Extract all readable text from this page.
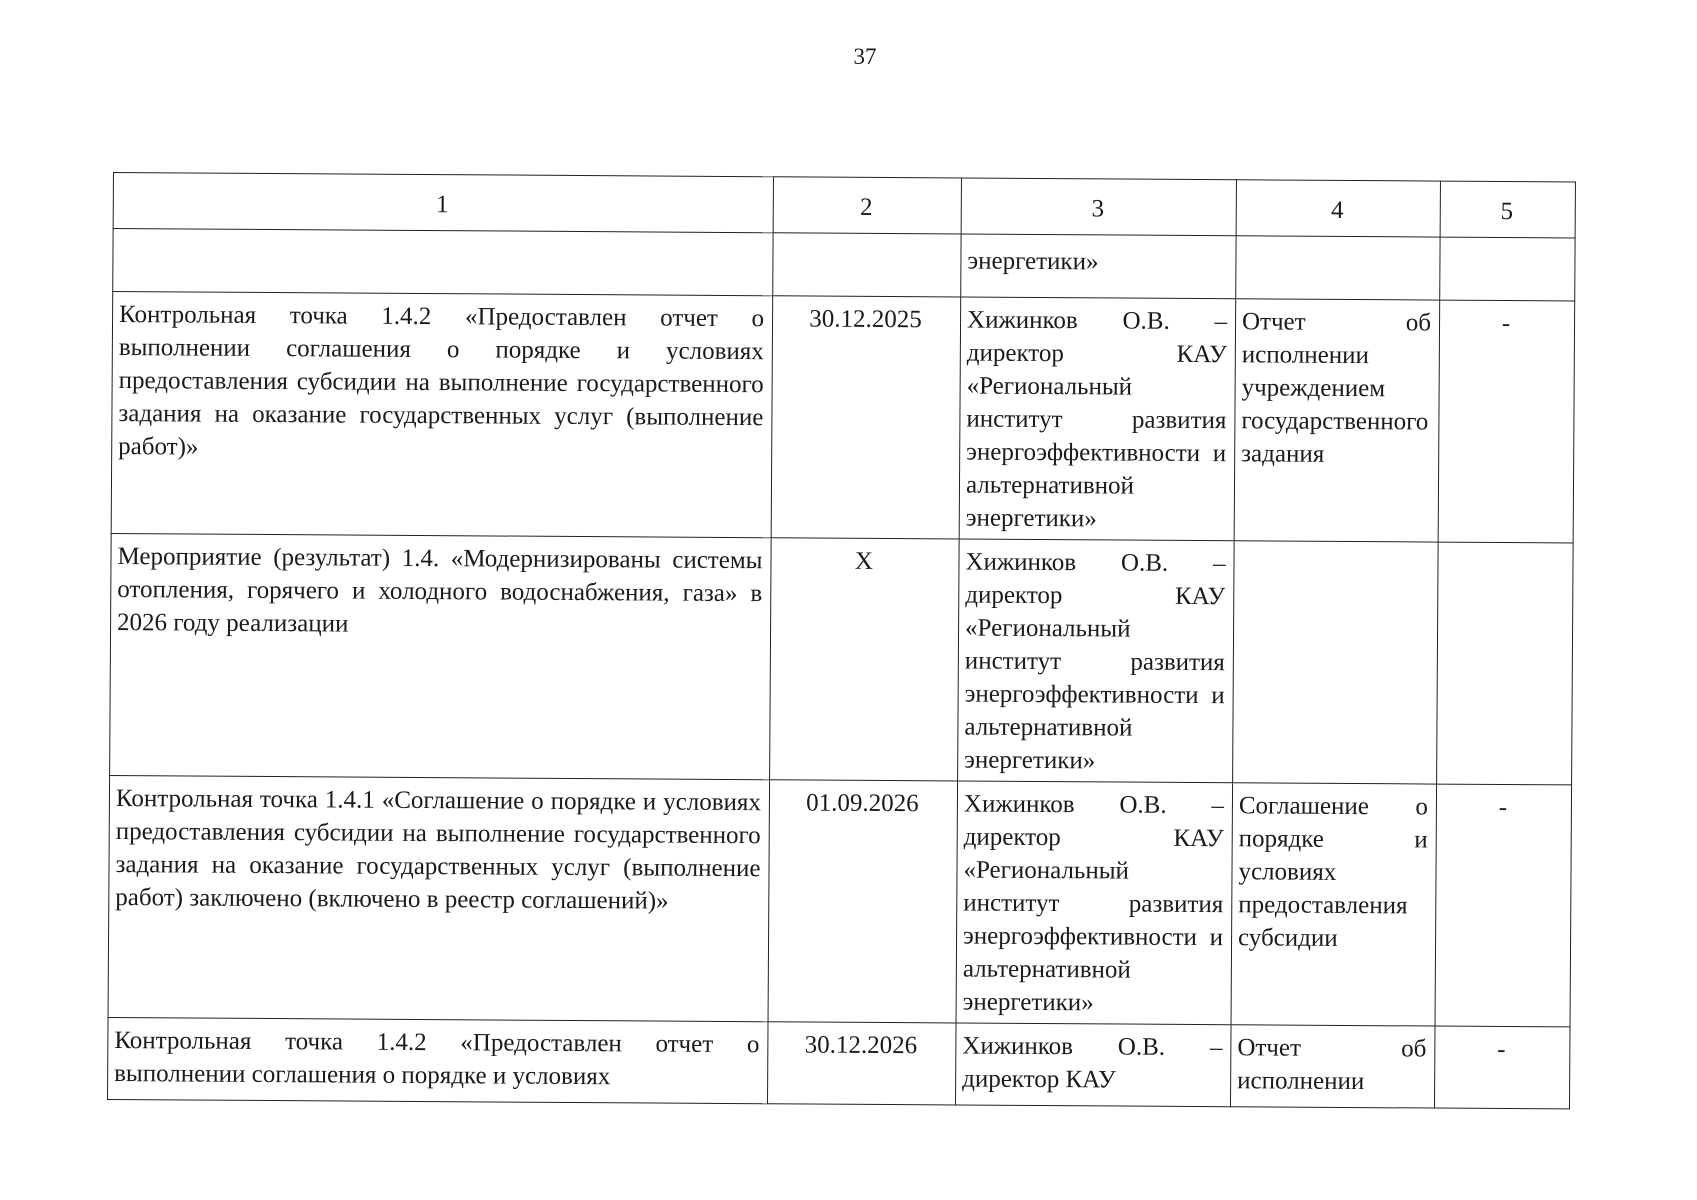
37
1	2	3	4	5
		энергетики»		
Контрольная точка 1.4.2 «Предоставлен отчет о выполнении соглашения о порядке и условиях предоставления субсидии на выполнение государственного задания на оказание государственных услуг (выполнение работ)»	30.12.2025	Хижинков О.В. – директор КАУ «Региональный институт развития энергоэффективности и альтернативной энергетики»	Отчет об исполнении учреждением государственного задания	-
Мероприятие (результат) 1.4. «Модернизированы системы отопления, горячего и холодного водоснабжения, газа» в 2026 году реализации	Х	Хижинков О.В. – директор КАУ «Региональный институт развития энергоэффективности и альтернативной энергетики»		
Контрольная точка 1.4.1 «Соглашение о порядке и условиях предоставления субсидии на выполнение государственного задания на оказание государственных услуг (выполнение работ) заключено (включено в реестр соглашений)»	01.09.2026	Хижинков О.В. – директор КАУ «Региональный институт развития энергоэффективности и альтернативной энергетики»	Соглашение о порядке и условиях предоставления субсидии	-
Контрольная точка 1.4.2 «Предоставлен отчет о выполнении соглашения о порядке и условиях	30.12.2026	Хижинков О.В. – директор КАУ	Отчет об исполнении	-
